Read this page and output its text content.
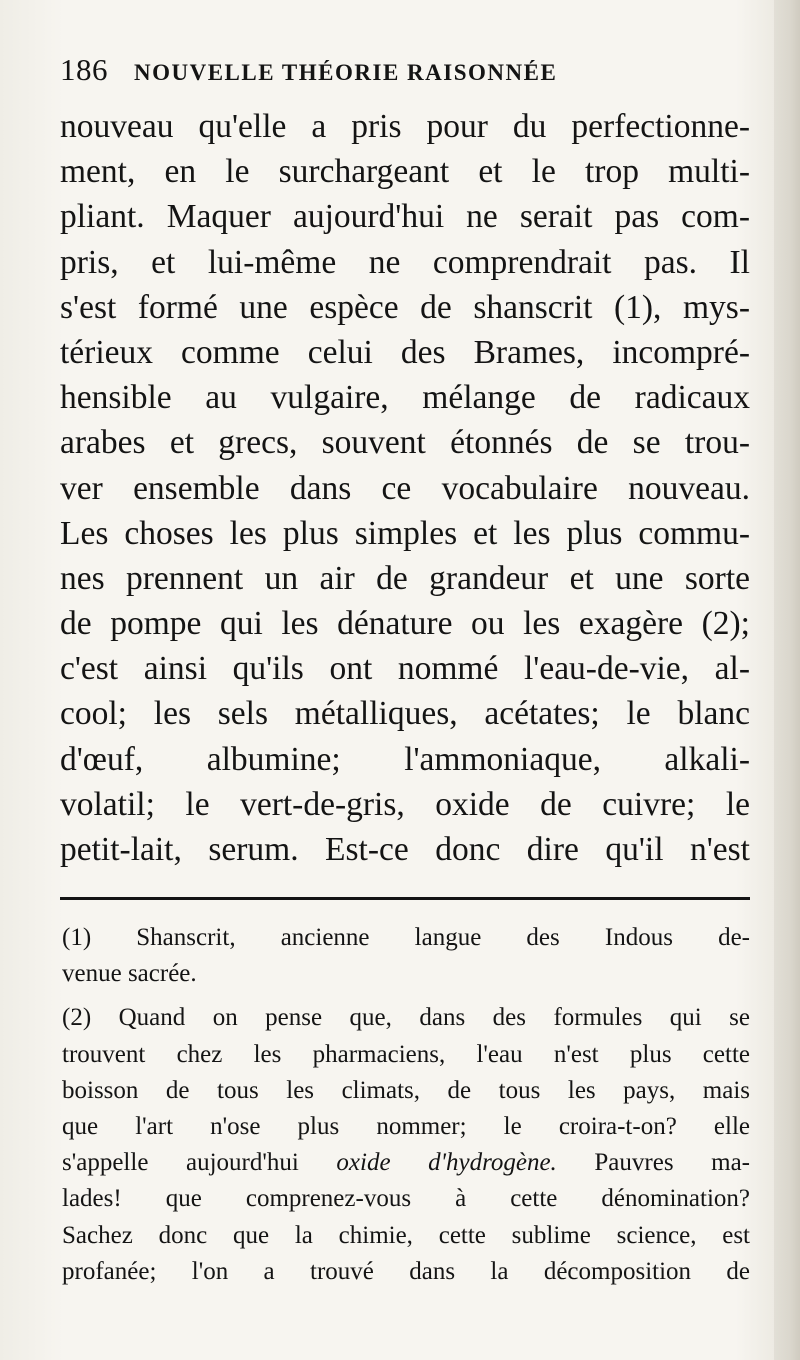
186 NOUVELLE THÉORIE RAISONNÉE
nouveau qu'elle a pris pour du perfectionne-
ment, en le surchargeant et le trop multi-
pliant. Maquer aujourd'hui ne serait pas com-
pris, et lui-même ne comprendrait pas. Il
s'est formé une espèce de shanscrit (1), mys-
térieux comme celui des Brames, incompré-
hensible au vulgaire, mélange de radicaux
arabes et grecs, souvent étonnés de se trou-
ver ensemble dans ce vocabulaire nouveau.
Les choses les plus simples et les plus commu-
nes prennent un air de grandeur et une sorte
de pompe qui les dénature ou les exagère (2);
c'est ainsi qu'ils ont nommé l'eau-de-vie, al-
cool; les sels métalliques, acétates; le blanc
d'œuf, albumine; l'ammoniaque, alkali-
volatil; le vert-de-gris, oxide de cuivre; le
petit-lait, serum. Est-ce donc dire qu'il n'est
(1) Shanscrit, ancienne langue des Indous de-
venue sacrée.
(2) Quand on pense que, dans des formules qui se
trouvent chez les pharmaciens, l'eau n'est plus cette
boisson de tous les climats, de tous les pays, mais
que l'art n'ose plus nommer; le croira-t-on? elle
s'appelle aujourd'hui oxide d'hydrogène. Pauvres ma-
lades! que comprenez-vous à cette dénomination?
Sachez donc que la chimie, cette sublime science, est
profanée; l'on a trouvé dans la décomposition de
